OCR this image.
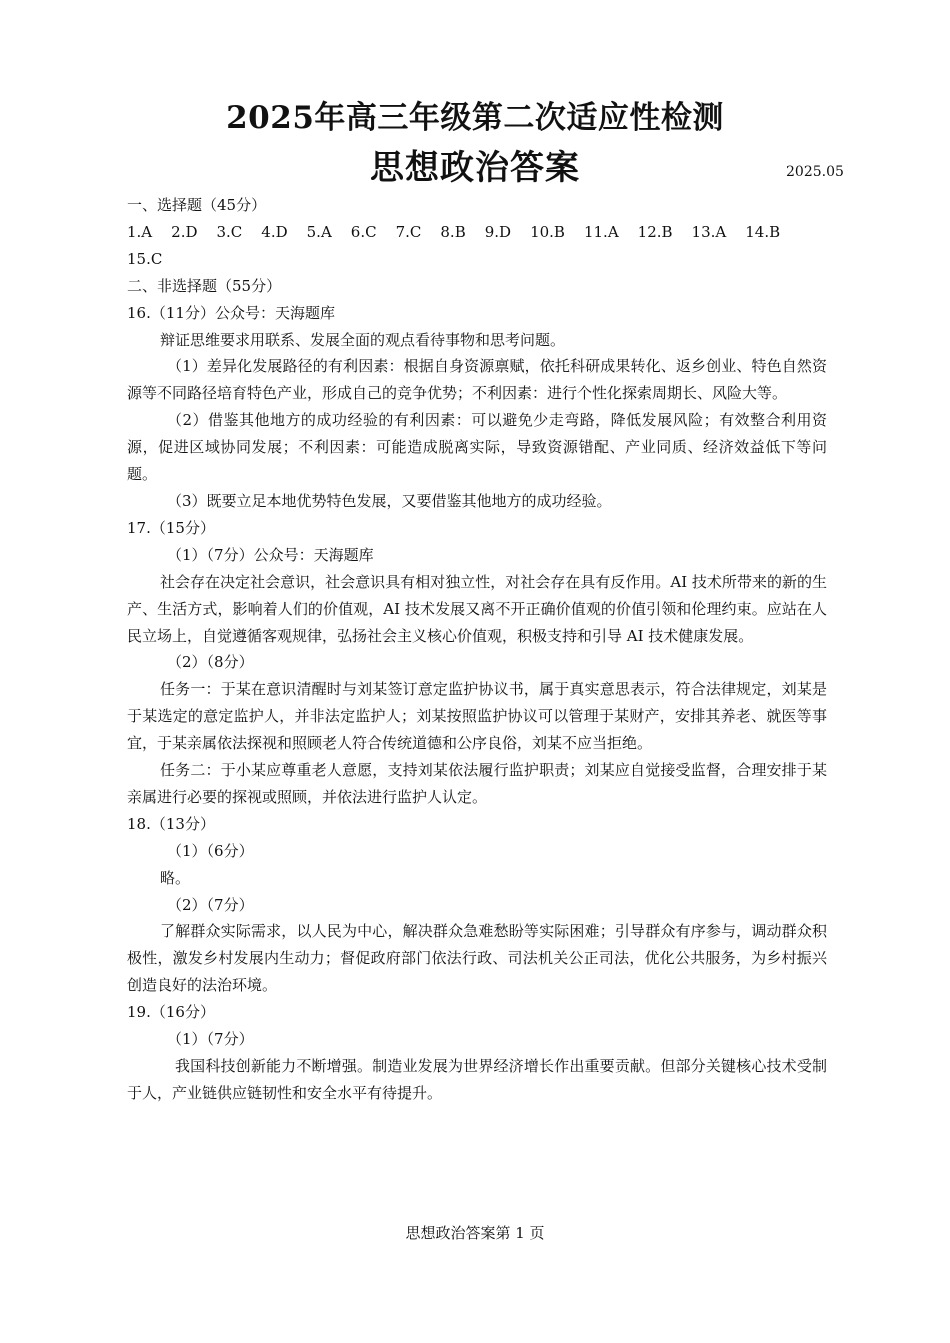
2025年高三年级第二次适应性检测
思想政治答案	2025.05

一、选择题（45分）

1.A 2.D 3.C 4.D 5.A 6.C 7.C 8.B 9.D 10.B 11.A 12.B 13.A 14.B
15.C

二、非选择题（55分）

16.（11分）公众号：天海题库

辩证思维要求用联系、发展全面的观点看待事物和思考问题。

（1）差异化发展路径的有利因素：根据自身资源禀赋，依托科研成果转化、返乡创业、特色自然资源等不同路径培育特色产业，形成自己的竞争优势；不利因素：进行个性化探索周期长、风险大等。

（2）借鉴其他地方的成功经验的有利因素：可以避免少走弯路，降低发展风险；有效整合利用资源，促进区域协同发展；不利因素：可能造成脱离实际，导致资源错配、产业同质、经济效益低下等问题。

（3）既要立足本地优势特色发展，又要借鉴其他地方的成功经验。

17.（15分）

（1）（7分）公众号：天海题库

社会存在决定社会意识，社会意识具有相对独立性，对社会存在具有反作用。AI 技术所带来的新的生产、生活方式，影响着人们的价值观，AI 技术发展又离不开正确价值观的价值引领和伦理约束。应站在人民立场上，自觉遵循客观规律，弘扬社会主义核心价值观，积极支持和引导 AI 技术健康发展。

（2）（8分）

任务一：于某在意识清醒时与刘某签订意定监护协议书，属于真实意思表示，符合法律规定，刘某是于某选定的意定监护人，并非法定监护人；刘某按照监护协议可以管理于某财产，安排其养老、就医等事宜，于某亲属依法探视和照顾老人符合传统道德和公序良俗，刘某不应当拒绝。

任务二：于小某应尊重老人意愿，支持刘某依法履行监护职责；刘某应自觉接受监督，合理安排于某亲属进行必要的探视或照顾，并依法进行监护人认定。

18.（13分）

（1）（6分）

略。

（2）（7分）

了解群众实际需求，以人民为中心，解决群众急难愁盼等实际困难；引导群众有序参与，调动群众积极性，激发乡村发展内生动力；督促政府部门依法行政、司法机关公正司法，优化公共服务，为乡村振兴创造良好的法治环境。

19.（16分）

（1）（7分）

我国科技创新能力不断增强。制造业发展为世界经济增长作出重要贡献。但部分关键核心技术受制于人，产业链供应链韧性和安全水平有待提升。

思想政治答案第 1 页
